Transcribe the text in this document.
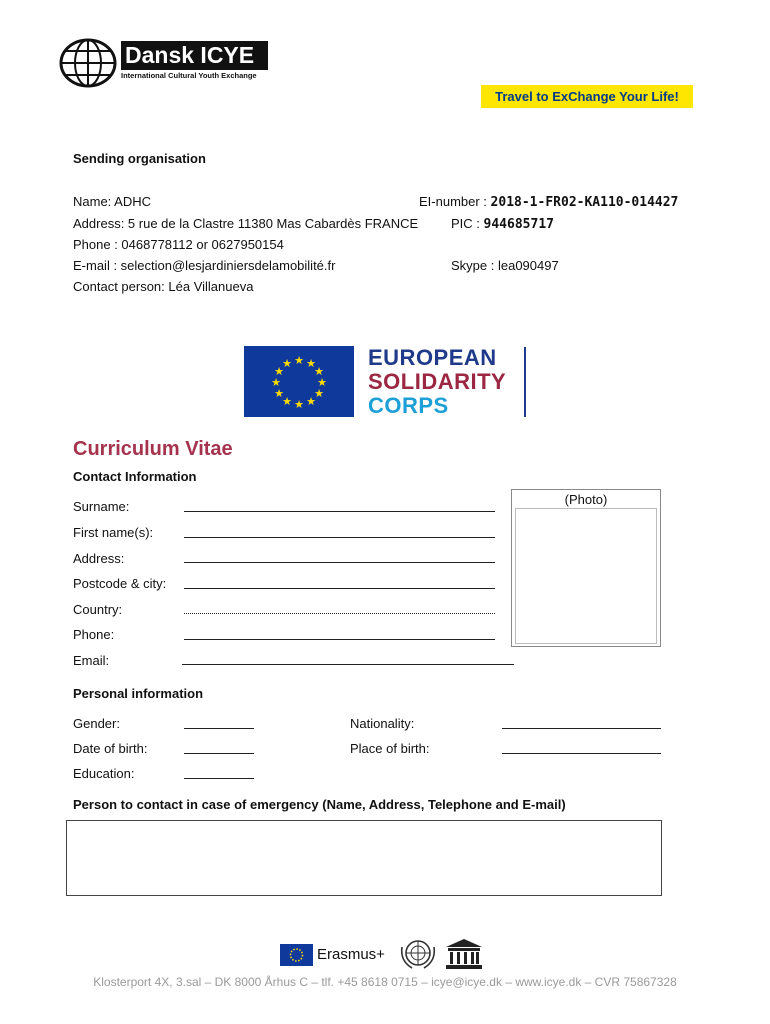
Dansk ICYE
International Cultural Youth Exchange
Travel to ExChange Your Life!
Sending organisation
Name: ADHC	EI-number : 2018-1-FR02-KA110-014427
Address: 5 rue de la Clastre 11380 Mas Cabardès FRANCE	PIC : 944685717
Phone : 0468778112 or 0627950154
E-mail : selection@lesjardiniersdelamobilité.fr	Skype : lea090497
Contact person: Léa Villanueva
★ ★
★
★
★
★
★
★
★
★
★
★	EUROPEAN
SOLIDARITY
CORPS
Curriculum Vitae
Contact Information
(Photo)
Surname:
First name(s):
Address:
Postcode & city:
Country:
Phone:
Email:
Personal information
Gender:	Nationality:
Date of birth:	Place of birth:
Education:
Person to contact in case of emergency (Name, Address, Telephone and E-mail)
Erasmus+
Klosterport 4X, 3.sal – DK 8000 Århus C – tlf. +45 8618 0715 – icye@icye.dk – www.icye.dk – CVR 75867328
